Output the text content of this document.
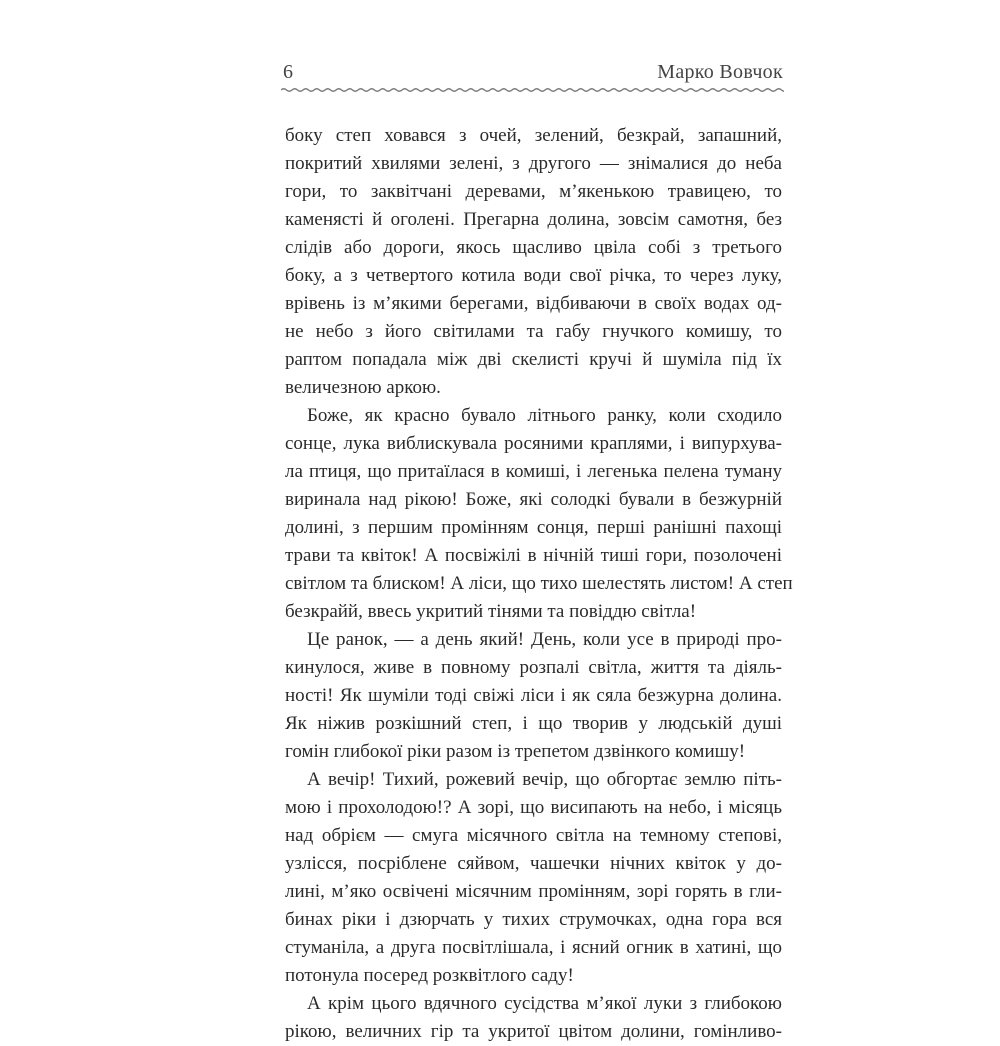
6	Марко Вовчок
боку степ ховався з очей, зелений, безкрай, запашний,
покритий хвилями зелені, з другого — знімалися до неба
гори, то заквітчані деревами, м’якенькою травицею, то
каменясті й оголені. Прегарна долина, зовсім самотня, без
слідів або дороги, якось щасливо цвіла собі з третього
боку, а з четвертого котила води свої річка, то через луку,
врівень із м’якими берегами, відбиваючи в своїх водах од-
не небо з його світилами та габу гнучкого комишу, то
раптом попадала між дві скелисті кручі й шуміла під їх
величезною аркою.
Боже, як красно бувало літнього ранку, коли сходило
сонце, лука виблискувала росяними краплями, і випурхува-
ла птиця, що притаїлася в комиші, і легенька пелена туману
виринала над рікою! Боже, які солодкі бували в безжурній
долині, з першим промінням сонця, перші ранішні пахощі
трави та квіток! А посвіжілі в нічній тиші гори, позолочені
світлом та блиском! А ліси, що тихо шелестять листом! А степ
безкрайй, ввесь укритий тінями та повіддю світла!
Це ранок, — а день який! День, коли усе в природі про-
кинулося, живе в повному розпалі світла, життя та діяль-
ності! Як шуміли тоді свіжі ліси і як сяла безжурна долина.
Як ніжив розкішний степ, і що творив у людській душі
гомін глибокої ріки разом із трепетом дзвінкого комишу!
А вечір! Тихий, рожевий вечір, що обгортає землю піть-
мою і прохолодою!? А зорі, що висипають на небо, і місяць
над обрієм — смуга місячного світла на темному степові,
узлісся, посріблене сяйвом, чашечки нічних квіток у до-
лині, м’яко освічені місячним промінням, зорі горять в гли-
бинах ріки і дзюрчать у тихих струмочках, одна гора вся
стуманіла, а друга посвітлішала, і ясний огник в хатині, що
потонула посеред розквітлого саду!
А крім цього вдячного сусідства м’якої луки з глибокою
рікою, величних гір та укритої цвітом долини, гомінливо-
